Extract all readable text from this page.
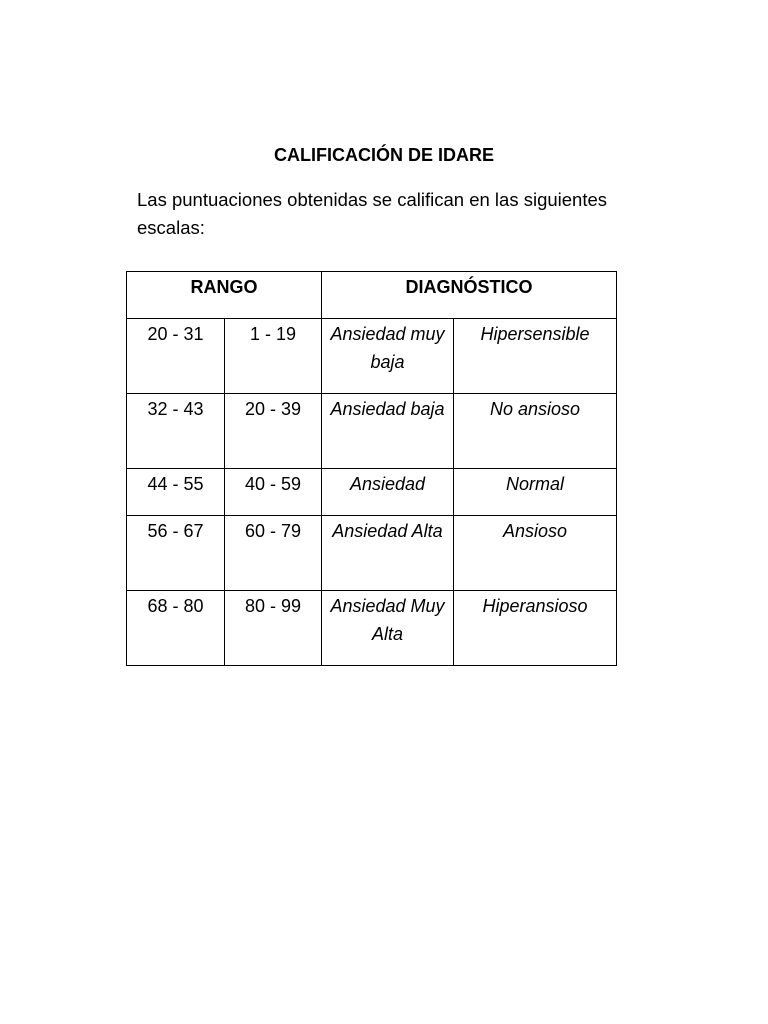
CALIFICACIÓN DE IDARE
Las puntuaciones obtenidas se califican en las siguientes escalas:
RANGO		DIAGNÓSTICO	
20 - 31	1 - 19	Ansiedad muy baja	Hipersensible
32 - 43	20 - 39	Ansiedad baja	No ansioso
44 - 55	40 - 59	Ansiedad	Normal
56 - 67	60 - 79	Ansiedad Alta	Ansioso
68 - 80	80 - 99	Ansiedad Muy Alta	Hiperansioso
